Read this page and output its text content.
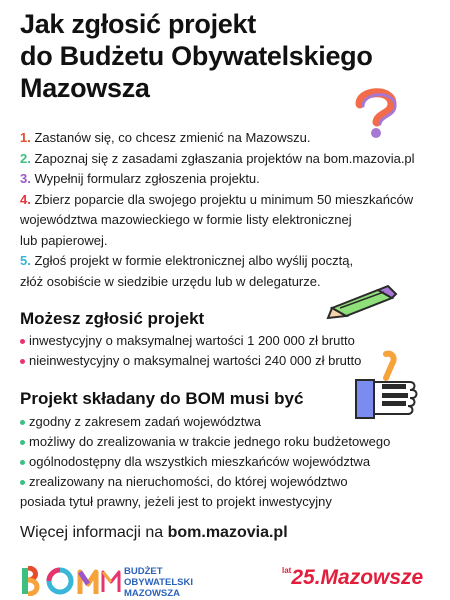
Jak zgłosić projekt
do Budżetu Obywatelskiego
Mazowsza
1. Zastanów się, co chcesz zmienić na Mazowszu.
2. Zapoznaj się z zasadami zgłaszania projektów na bom.mazovia.pl
3. Wypełnij formularz zgłoszenia projektu.
4. Zbierz poparcie dla swojego projektu u minimum 50 mieszkańców
województwa mazowieckiego w formie listy elektronicznej
lub papierowej.
5. Zgłoś projekt w formie elektronicznej albo wyślij pocztą,
złóż osobiście w siedzibie urzędu lub w delegaturze.
Możesz zgłosić projekt
inwestycyjny o maksymalnej wartości 1 200 000 zł brutto
nieinwestycyjny o maksymalnej wartości 240 000 zł brutto
Projekt składany do BOM musi być
zgodny z zakresem zadań województwa
możliwy do zrealizowania w trakcie jednego roku budżetowego
ogólnodostępny dla wszystkich mieszkańców województwa
zrealizowany na nieruchomości, do której województwo
posiada tytuł prawny, jeżeli jest to projekt inwestycyjny
Więcej informacji na bom.mazovia.pl
BUDŻET
OBYWATELSKI
MAZOWSZA
$^{lat}$25.Mazowsze
